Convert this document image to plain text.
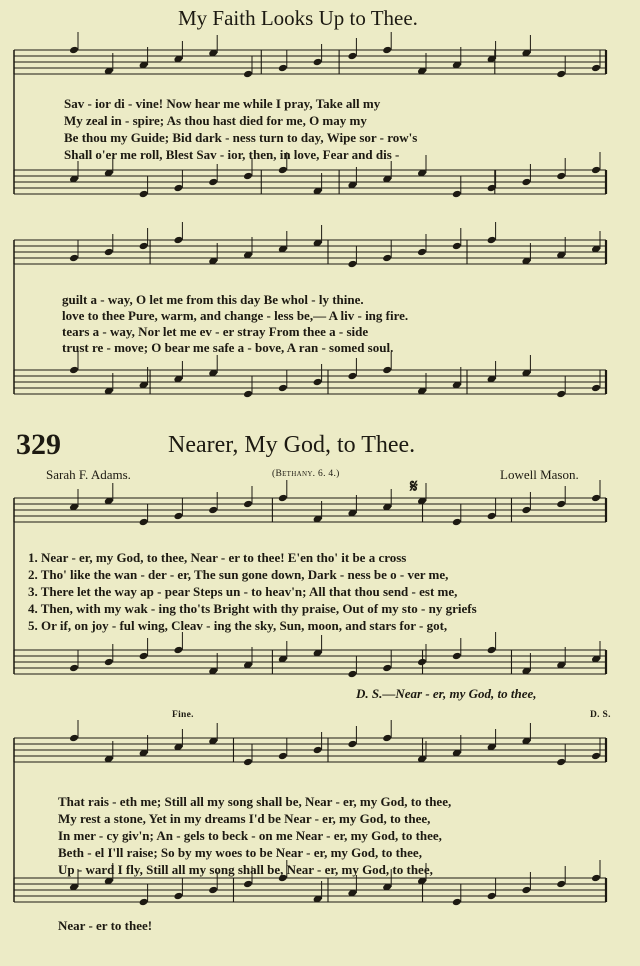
My Faith Looks Up to Thee.
Sav - ior di - vine! Now hear me while I pray, Take all my
My zeal in - spire; As thou hast died for me, O may my
Be thou my Guide; Bid dark - ness turn to day, Wipe sor - row's
Shall o'er me roll, Blest Sav - ior, then, in love, Fear and dis -
guilt a - way, O let me from this day Be whol - ly thine.
love to thee Pure, warm, and change - less be,— A liv - ing fire.
tears a - way, Nor let me ev - er stray From thee a - side
trust re - move; O bear me safe a - bove, A ran - somed soul.
329	Nearer, My God, to Thee.
Sarah F. Adams.	(Bethany. 6. 4.)	Lowell Mason.
𝄋
1. Near - er, my God, to thee, Near - er to thee! E'en tho' it be a cross
2. Tho' like the wan - der - er, The sun gone down, Dark - ness be o - ver me,
3. There let the way ap - pear Steps un - to heav'n; All that thou send - est me,
4. Then, with my wak - ing tho'ts Bright with thy praise, Out of my sto - ny griefs
5. Or if, on joy - ful wing, Cleav - ing the sky, Sun, moon, and stars for - got,
D. S.—Near - er, my God, to thee,
Fine.	D. S.
That rais - eth me; Still all my song shall be, Near - er, my God, to thee,
My rest a stone, Yet in my dreams I'd be Near - er, my God, to thee,
In mer - cy giv'n; An - gels to beck - on me Near - er, my God, to thee,
Beth - el I'll raise; So by my woes to be Near - er, my God, to thee,
Up - ward I fly, Still all my song shall be, Near - er, my God, to thee,
Near - er to thee!
